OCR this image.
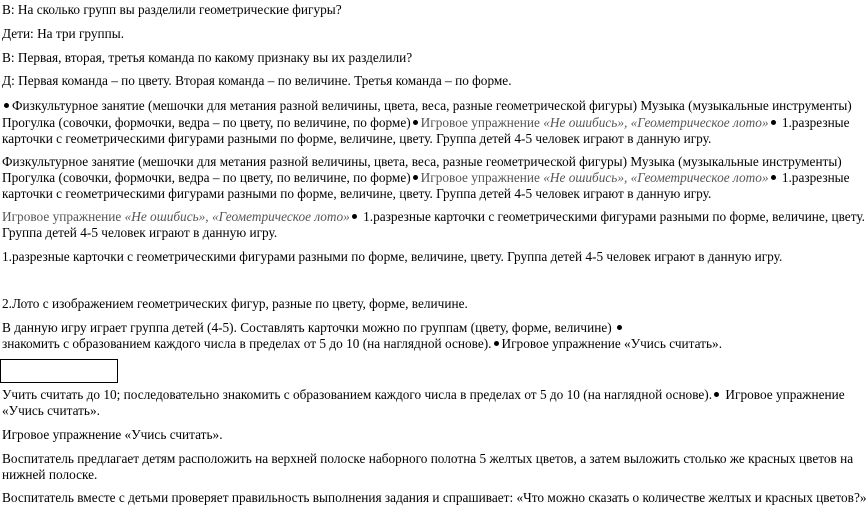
В: На сколько групп вы разделили геометрические фигуры?
Дети: На три группы.
В: Первая, вторая, третья команда по какому признаку вы их разделили?
Д: Первая команда – по цвету. Вторая команда – по величине. Третья команда – по форме.
Физкультурное занятие (мешочки для метания разной величины, цвета, веса, разные геометрической фигуры) Музыка (музыкальные инструменты)
Прогулка (совочки, формочки, ведра – по цвету, по величине, по форме) Игровое упражнение «Не ошибись», «Геометрическое лото» 1.разрезные
карточки с геометрическими фигурами разными по форме, величине, цвету. Группа детей 4-5 человек играют в данную игру.
Физкультурное занятие (мешочки для метания разной величины, цвета, веса, разные геометрической фигуры) Музыка (музыкальные инструменты)
Прогулка (совочки, формочки, ведра – по цвету, по величине, по форме) Игровое упражнение «Не ошибись», «Геометрическое лото» 1.разрезные
карточки с геометрическими фигурами разными по форме, величине, цвету. Группа детей 4-5 человек играют в данную игру.
Игровое упражнение «Не ошибись», «Геометрическое лото» 1.разрезные карточки с геометрическими фигурами разными по форме, величине, цвету.
Группа детей 4-5 человек играют в данную игру.
1.разрезные карточки с геометрическими фигурами разными по форме, величине, цвету. Группа детей 4-5 человек играют в данную игру.
2.Лото с изображением геометрических фигур, разные по цвету, форме, величине.
В данную игру играет группа детей (4-5). Составлять карточки можно по группам (цвету, форме, величине)
знакомить с образованием каждого числа в пределах от 5 до 10 (на наглядной основе). Игровое упражнение «Учись считать».
Учить считать до 10; последовательно знакомить с образованием каждого числа в пределах от 5 до 10 (на наглядной основе). Игровое упражнение
«Учись считать».
Игровое упражнение «Учись считать».
Воспитатель предлагает детям расположить на верхней полоске наборного полотна 5 желтых цветов, а затем выложить столько же красных цветов на
нижней полоске.
Воспитатель вместе с детьми проверяет правильность выполнения задания и спрашивает: «Что можно сказать о количестве желтых и красных цветов?»
